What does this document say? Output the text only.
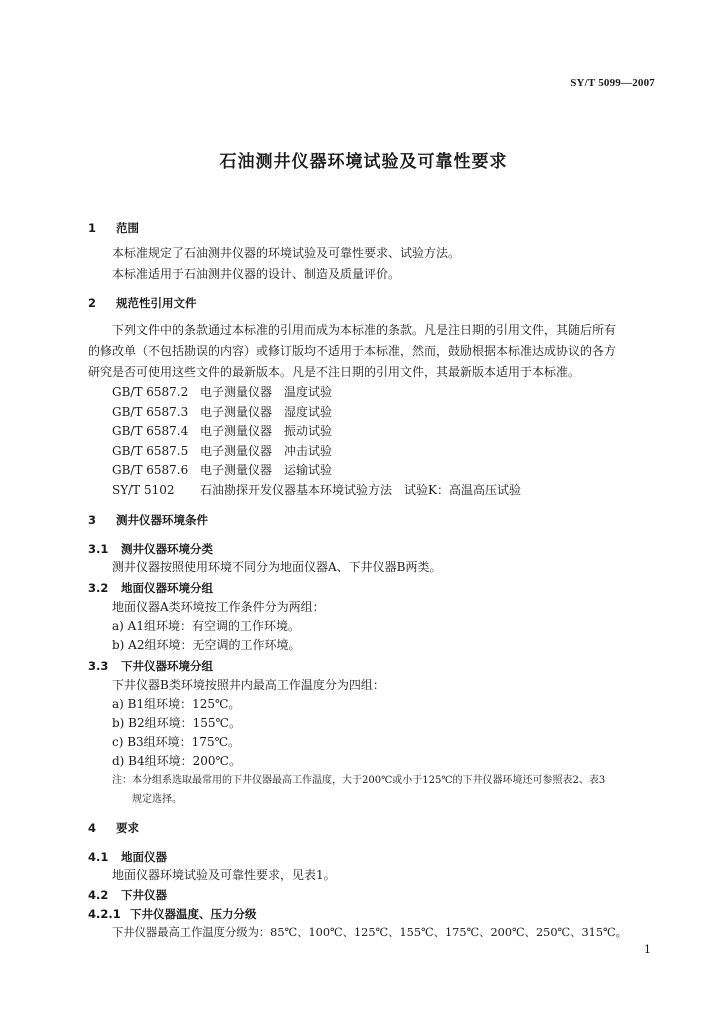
SY/T 5099—2007
石油测井仪器环境试验及可靠性要求
1 范围
本标准规定了石油测井仪器的环境试验及可靠性要求、试验方法。
本标准适用于石油测井仪器的设计、制造及质量评价。
2 规范性引用文件
下列文件中的条款通过本标准的引用而成为本标准的条款。凡是注日期的引用文件，其随后所有
的修改单（不包括勘误的内容）或修订版均不适用于本标准，然而，鼓励根据本标准达成协议的各方
研究是否可使用这些文件的最新版本。凡是不注日期的引用文件，其最新版本适用于本标准。
GB/T 6587.2 电子测量仪器　温度试验
GB/T 6587.3 电子测量仪器　湿度试验
GB/T 6587.4 电子测量仪器　振动试验
GB/T 6587.5 电子测量仪器　冲击试验
GB/T 6587.6 电子测量仪器　运输试验
SY/T 5102 石油勘探开发仪器基本环境试验方法　试验K：高温高压试验
3 测井仪器环境条件
3.1 测井仪器环境分类
测井仪器按照使用环境不同分为地面仪器A、下井仪器B两类。
3.2 地面仪器环境分组
地面仪器A类环境按工作条件分为两组：
a) A1组环境：有空调的工作环境。
b) A2组环境：无空调的工作环境。
3.3 下井仪器环境分组
下井仪器B类环境按照井内最高工作温度分为四组：
a) B1组环境：125℃。
b) B2组环境：155℃。
c) B3组环境：175℃。
d) B4组环境：200℃。
注：本分组系选取最常用的下井仪器最高工作温度，大于200℃或小于125℃的下井仪器环境还可参照表2、表3
规定选择。
4 要求
4.1 地面仪器
地面仪器环境试验及可靠性要求，见表1。
4.2 下井仪器
4.2.1 下井仪器温度、压力分级
下井仪器最高工作温度分级为：85℃、100℃、125℃、155℃、175℃、200℃、250℃、315℃。
1
